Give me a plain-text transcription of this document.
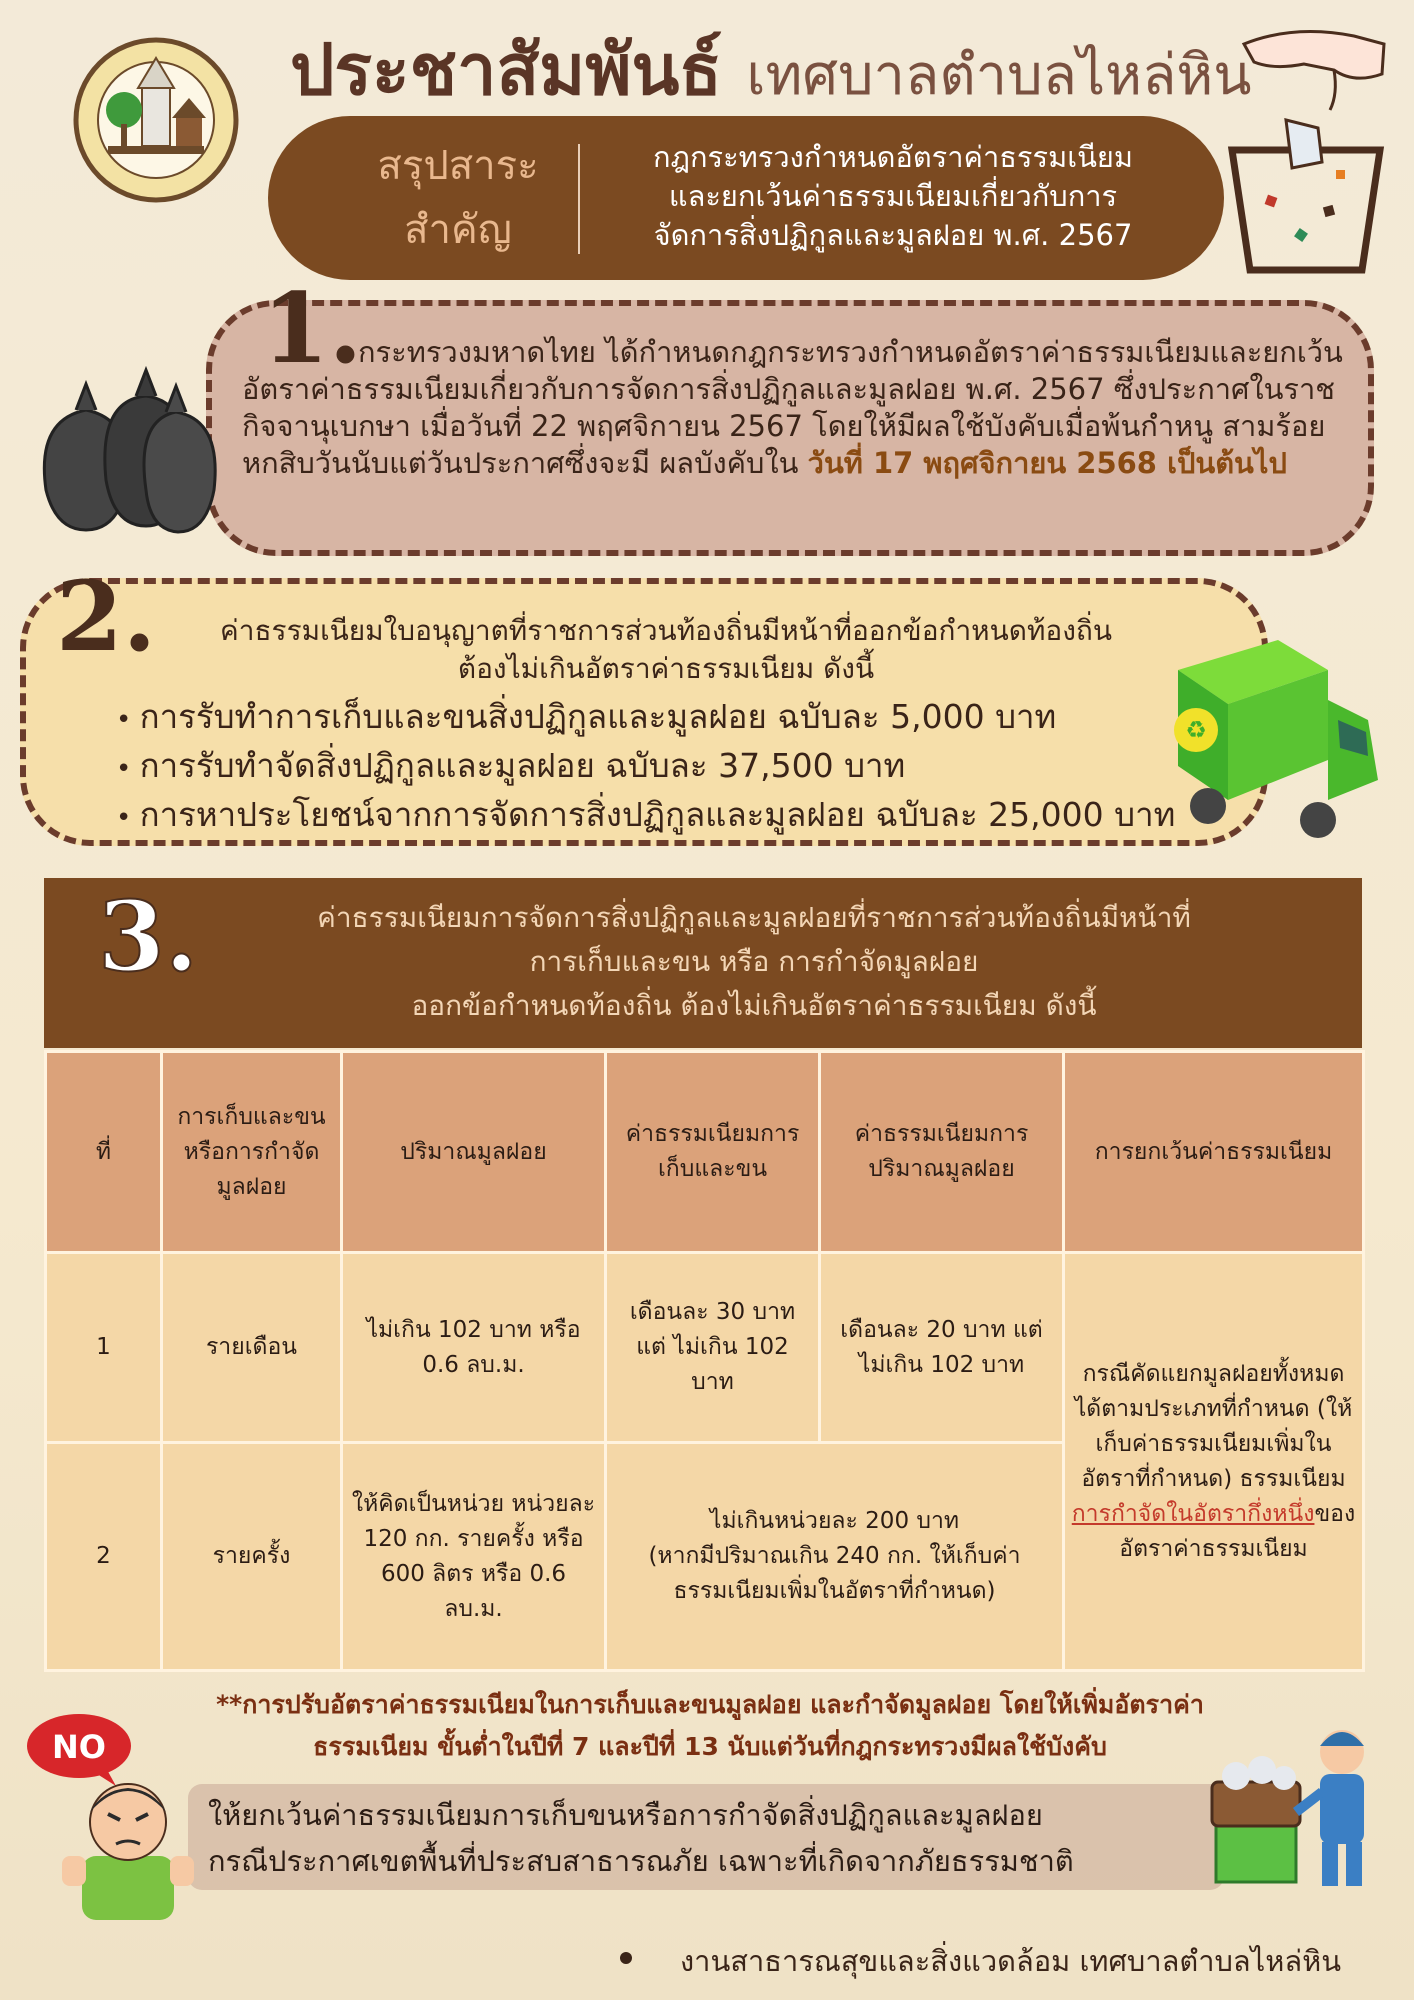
ประชาสัมพันธ์ เทศบาลตำบลไหล่หิน
สรุปสาระ
สำคัญ
กฎกระทรวงกำหนดอัตราค่าธรรมเนียม
และยกเว้นค่าธรรมเนียมเกี่ยวกับการ
จัดการสิ่งปฏิกูลและมูลฝอย พ.ศ. 2567
กระทรวงมหาดไทย ได้กำหนดกฎกระทรวงกำหนดอัตราค่าธรรมเนียมและยกเว้นอัตราค่าธรรมเนียมเกี่ยวกับการจัดการสิ่งปฏิกูลและมูลฝอย พ.ศ. 2567 ซึ่งประกาศในราชกิจจานุเบกษา เมื่อวันที่ 22 พฤศจิกายน 2567 โดยให้มีผลใช้บังคับเมื่อพ้นกำหนู สามร้อยหกสิบวันนับแต่วันประกาศซึ่งจะมี ผลบังคับใน วันที่ 17 พฤศจิกายน 2568 เป็นต้นไป
1.
ค่าธรรมเนียมใบอนุญาตที่ราชการส่วนท้องถิ่นมีหน้าที่ออกข้อกำหนดท้องถิ่น
ต้องไม่เกินอัตราค่าธรรมเนียม ดังนี้
• การรับทำการเก็บและขนสิ่งปฏิกูลและมูลฝอย ฉบับละ 5,000 บาท
• การรับทำจัดสิ่งปฏิกูลและมูลฝอย ฉบับละ 37,500 บาท
• การหาประโยชน์จากการจัดการสิ่งปฏิกูลและมูลฝอย ฉบับละ 25,000 บาท
2.
♻
ค่าธรรมเนียมการจัดการสิ่งปฏิกูลและมูลฝอยที่ราชการส่วนท้องถิ่นมีหน้าที่
การเก็บและขน หรือ การกำจัดมูลฝอย
ออกข้อกำหนดท้องถิ่น ต้องไม่เกินอัตราค่าธรรมเนียม ดังนี้
3.
ที่	การเก็บและขน หรือการกำจัดมูลฝอย	ปริมาณมูลฝอย	ค่าธรรมเนียมการเก็บและขน	ค่าธรรมเนียมการปริมาณมูลฝอย	การยกเว้นค่าธรรมเนียม
1	รายเดือน	ไม่เกิน 102 บาท หรือ 0.6 ลบ.ม.	เดือนละ 30 บาท แต่ ไม่เกิน 102 บาท	เดือนละ 20 บาท แต่ ไม่เกิน 102 บาท	กรณีคัดแยกมูลฝอยทั้งหมดได้ตามประเภทที่กำหนด (ให้เก็บค่าธรรมเนียมเพิ่มในอัตราที่กำหนด) ธรรมเนียมการกำจัดในอัตรากึ่งหนึ่งของอัตราค่าธรรมเนียม
2	รายครั้ง	ให้คิดเป็นหน่วย หน่วยละ 120 กก. รายครั้ง หรือ 600 ลิตร หรือ 0.6 ลบ.ม.	ไม่เกินหน่วยละ 200 บาท
(หากมีปริมาณเกิน 240 กก. ให้เก็บค่าธรรมเนียมเพิ่มในอัตราที่กำหนด)		
**การปรับอัตราค่าธรรมเนียมในการเก็บและขนมูลฝอย และกำจัดมูลฝอย โดยให้เพิ่มอัตราค่า
ธรรมเนียม ขั้นต่ำในปีที่ 7 และปีที่ 13 นับแต่วันที่กฎกระทรวงมีผลใช้บังคับ
ให้ยกเว้นค่าธรรมเนียมการเก็บขนหรือการกำจัดสิ่งปฏิกูลและมูลฝอย
กรณีประกาศเขตพื้นที่ประสบสาธารณภัย เฉพาะที่เกิดจากภัยธรรมชาติ
NO
งานสาธารณสุขและสิ่งแวดล้อม เทศบาลตำบลไหล่หิน
